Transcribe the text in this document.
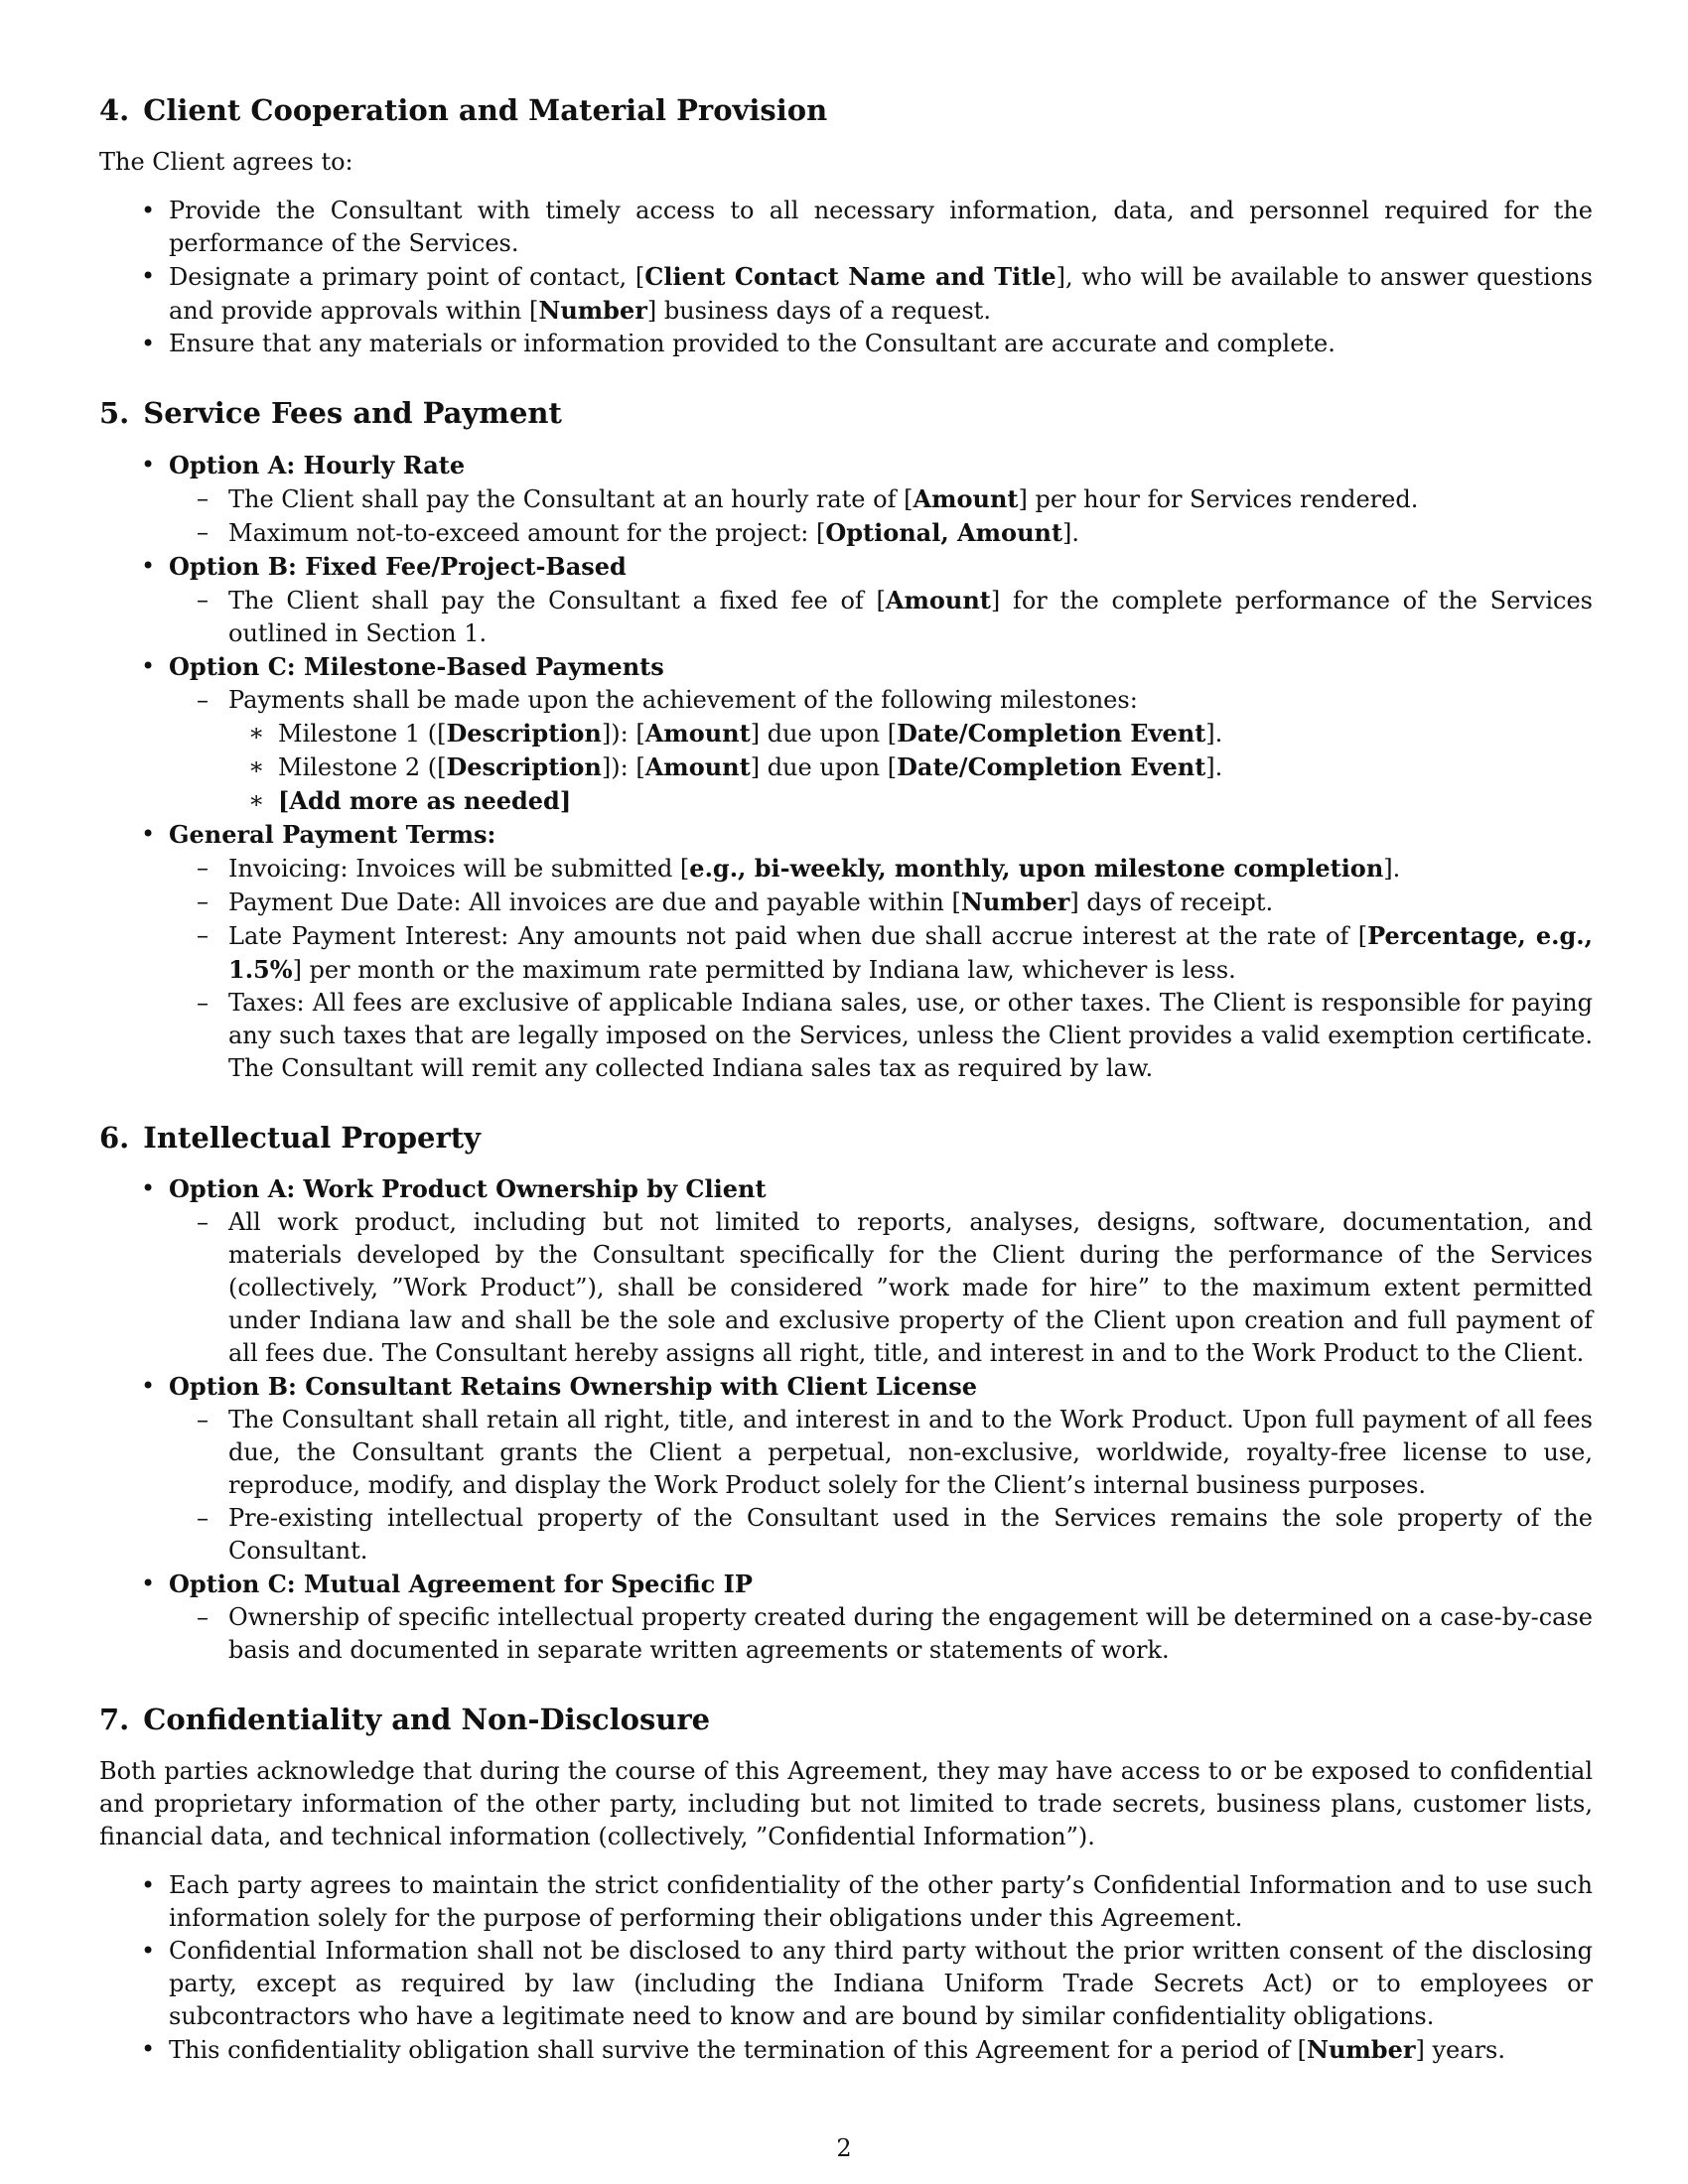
4. Client Cooperation and Material Provision

The Client agrees to:

• Provide the Consultant with timely access to all necessary information, data, and personnel required for the performance of the Services.
• Designate a primary point of contact, [Client Contact Name and Title], who will be available to answer questions and provide approvals within [Number] business days of a request.
• Ensure that any materials or information provided to the Consultant are accurate and complete.
5. Service Fees and Payment
• Option A: Hourly Rate
– The Client shall pay the Consultant at an hourly rate of [Amount] per hour for Services rendered.
– Maximum not-to-exceed amount for the project: [Optional, Amount].
• Option B: Fixed Fee/Project-Based
– The Client shall pay the Consultant a fixed fee of [Amount] for the complete performance of the Services outlined in Section 1.
• Option C: Milestone-Based Payments
– Payments shall be made upon the achievement of the following milestones:
∗ Milestone 1 ([Description]): [Amount] due upon [Date/Completion Event].
∗ Milestone 2 ([Description]): [Amount] due upon [Date/Completion Event].
∗ [Add more as needed]
• General Payment Terms:
– Invoicing: Invoices will be submitted [e.g., bi-weekly, monthly, upon milestone completion].
– Payment Due Date: All invoices are due and payable within [Number] days of receipt.
– Late Payment Interest: Any amounts not paid when due shall accrue interest at the rate of [Percentage, e.g., 1.5%] per month or the maximum rate permitted by Indiana law, whichever is less.
– Taxes: All fees are exclusive of applicable Indiana sales, use, or other taxes. The Client is responsible for paying any such taxes that are legally imposed on the Services, unless the Client provides a valid exemption certificate. The Consultant will remit any collected Indiana sales tax as required by law.
6. Intellectual Property
• Option A: Work Product Ownership by Client
– All work product, including but not limited to reports, analyses, designs, software, documentation, and materials developed by the Consultant specifically for the Client during the performance of the Services (collectively, ”Work Product”), shall be considered ”work made for hire” to the maximum extent permitted under Indiana law and shall be the sole and exclusive property of the Client upon creation and full payment of all fees due. The Consultant hereby assigns all right, title, and interest in and to the Work Product to the Client.
• Option B: Consultant Retains Ownership with Client License
– The Consultant shall retain all right, title, and interest in and to the Work Product. Upon full payment of all fees due, the Consultant grants the Client a perpetual, non-exclusive, worldwide, royalty-free license to use, reproduce, modify, and display the Work Product solely for the Client’s internal business purposes.
– Pre-existing intellectual property of the Consultant used in the Services remains the sole property of the Consultant.
• Option C: Mutual Agreement for Specific IP
– Ownership of specific intellectual property created during the engagement will be determined on a case-by-case basis and documented in separate written agreements or statements of work.
7. Confidentiality and Non-Disclosure

Both parties acknowledge that during the course of this Agreement, they may have access to or be exposed to confidential and proprietary information of the other party, including but not limited to trade secrets, business plans, customer lists, financial data, and technical information (collectively, ”Confidential Information”).

• Each party agrees to maintain the strict confidentiality of the other party’s Confidential Information and to use such information solely for the purpose of performing their obligations under this Agreement.
• Confidential Information shall not be disclosed to any third party without the prior written consent of the disclosing party, except as required by law (including the Indiana Uniform Trade Secrets Act) or to employees or subcontractors who have a legitimate need to know and are bound by similar confidentiality obligations.
• This confidentiality obligation shall survive the termination of this Agreement for a period of [Number] years.
2
